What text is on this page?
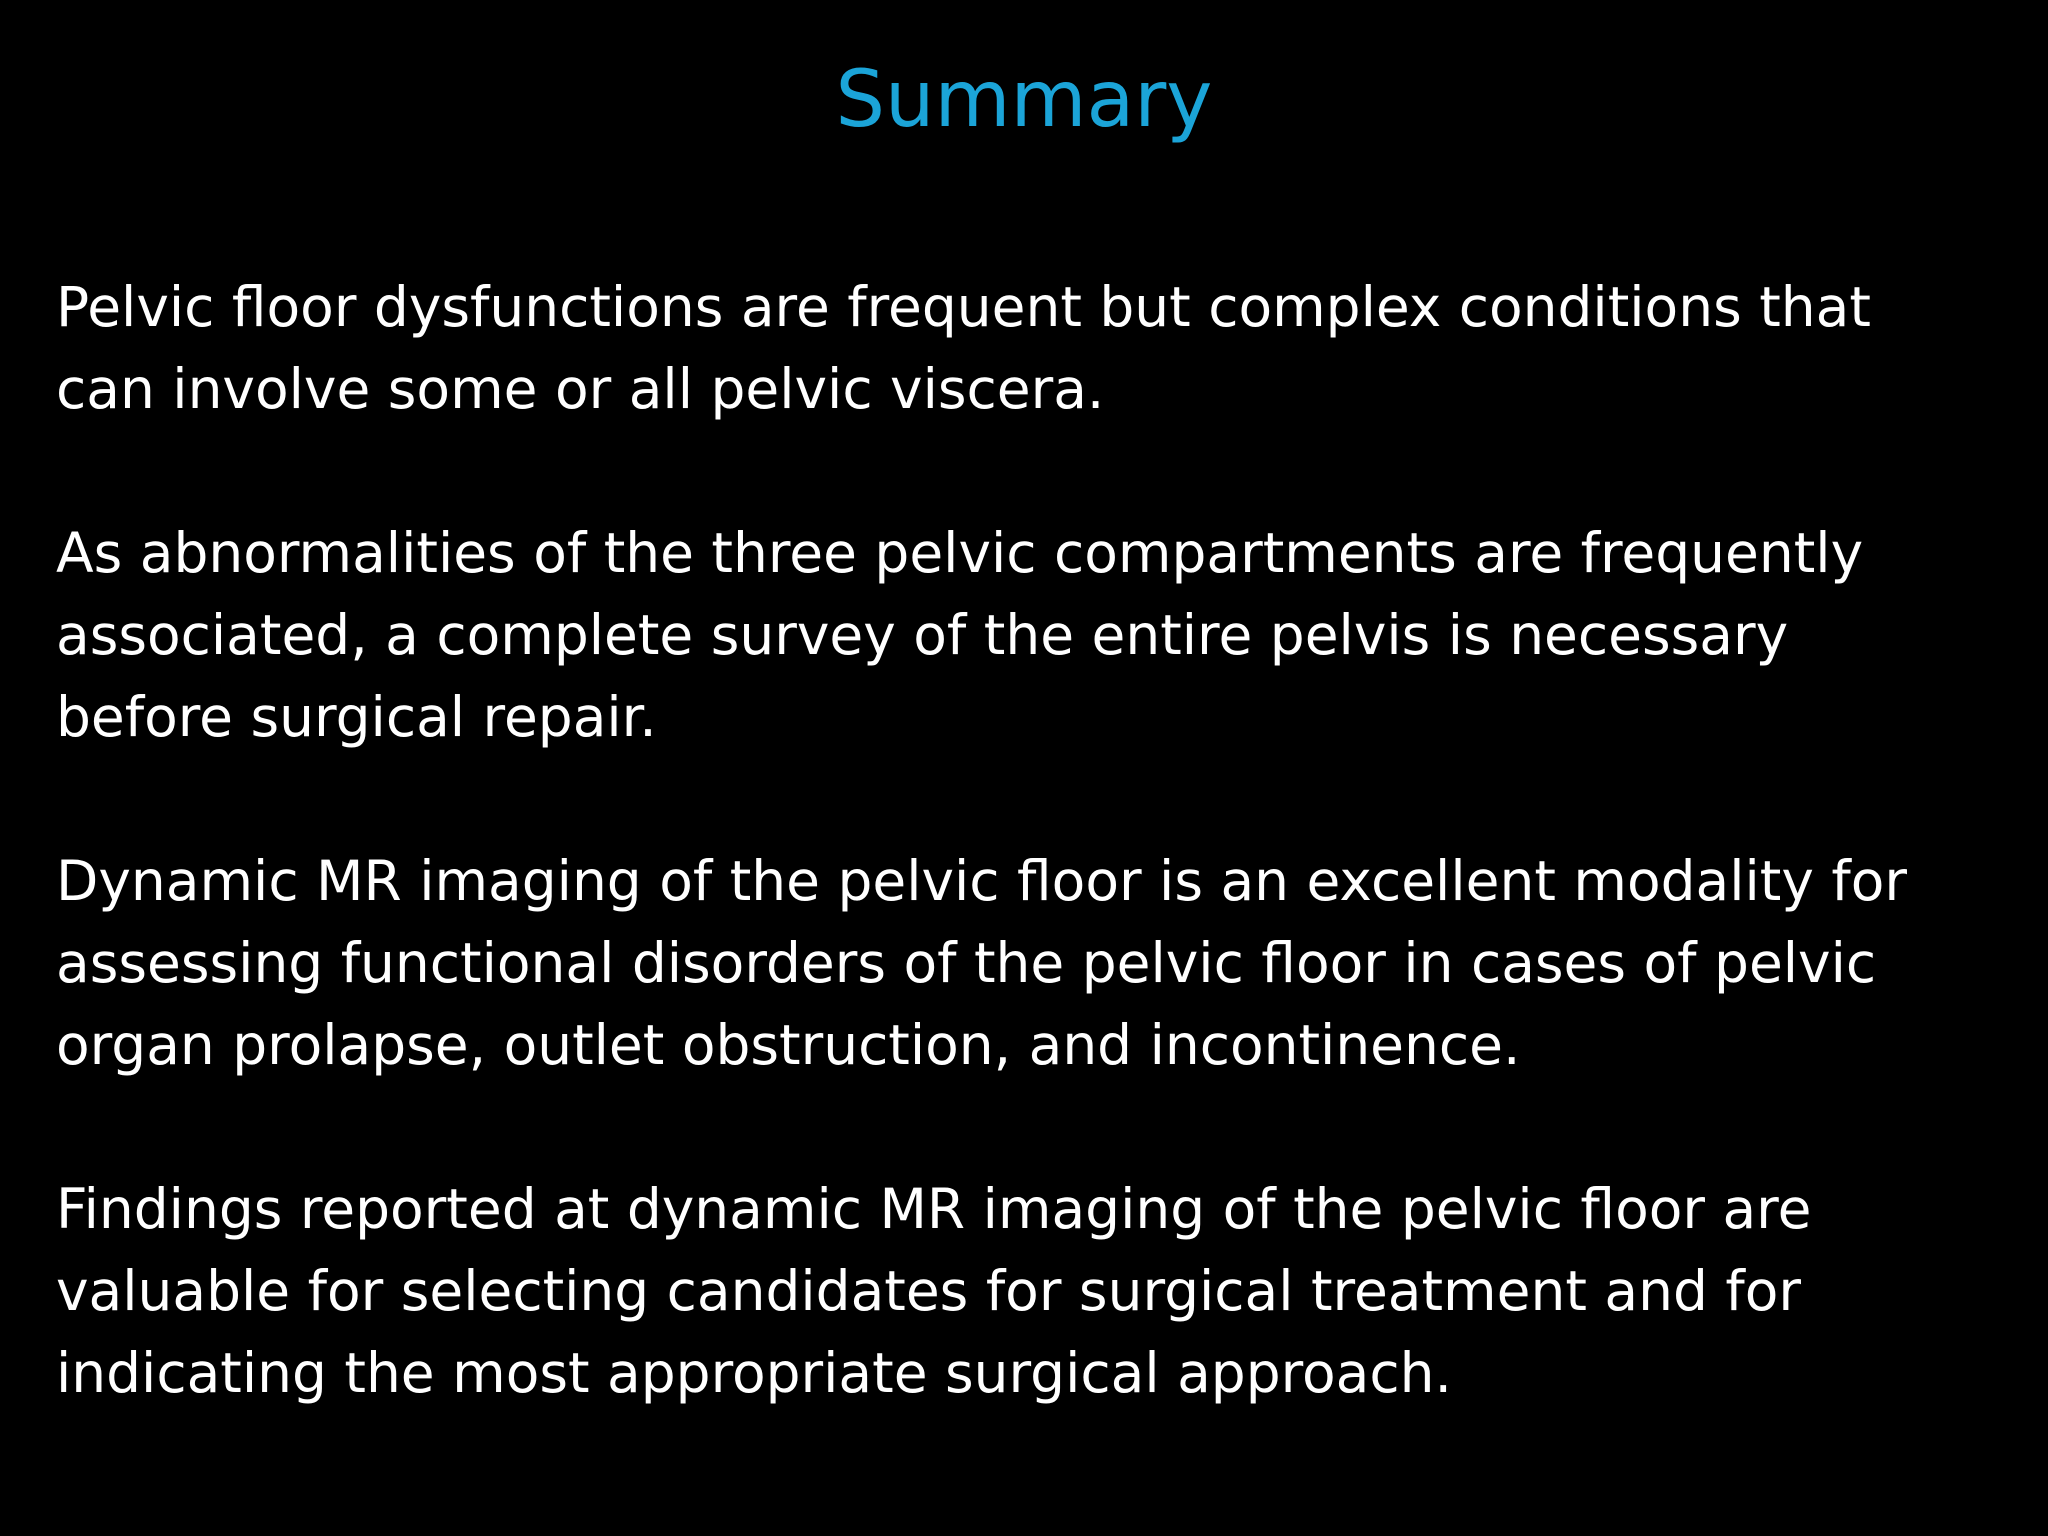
Summary

Pelvic floor dysfunctions are frequent but complex conditions that
can involve some or all pelvic viscera.

As abnormalities of the three pelvic compartments are frequently
associated, a complete survey of the entire pelvis is necessary
before surgical repair.

Dynamic MR imaging of the pelvic floor is an excellent modality for
assessing functional disorders of the pelvic floor in cases of pelvic
organ prolapse, outlet obstruction, and incontinence.

Findings reported at dynamic MR imaging of the pelvic floor are
valuable for selecting candidates for surgical treatment and for
indicating the most appropriate surgical approach.
